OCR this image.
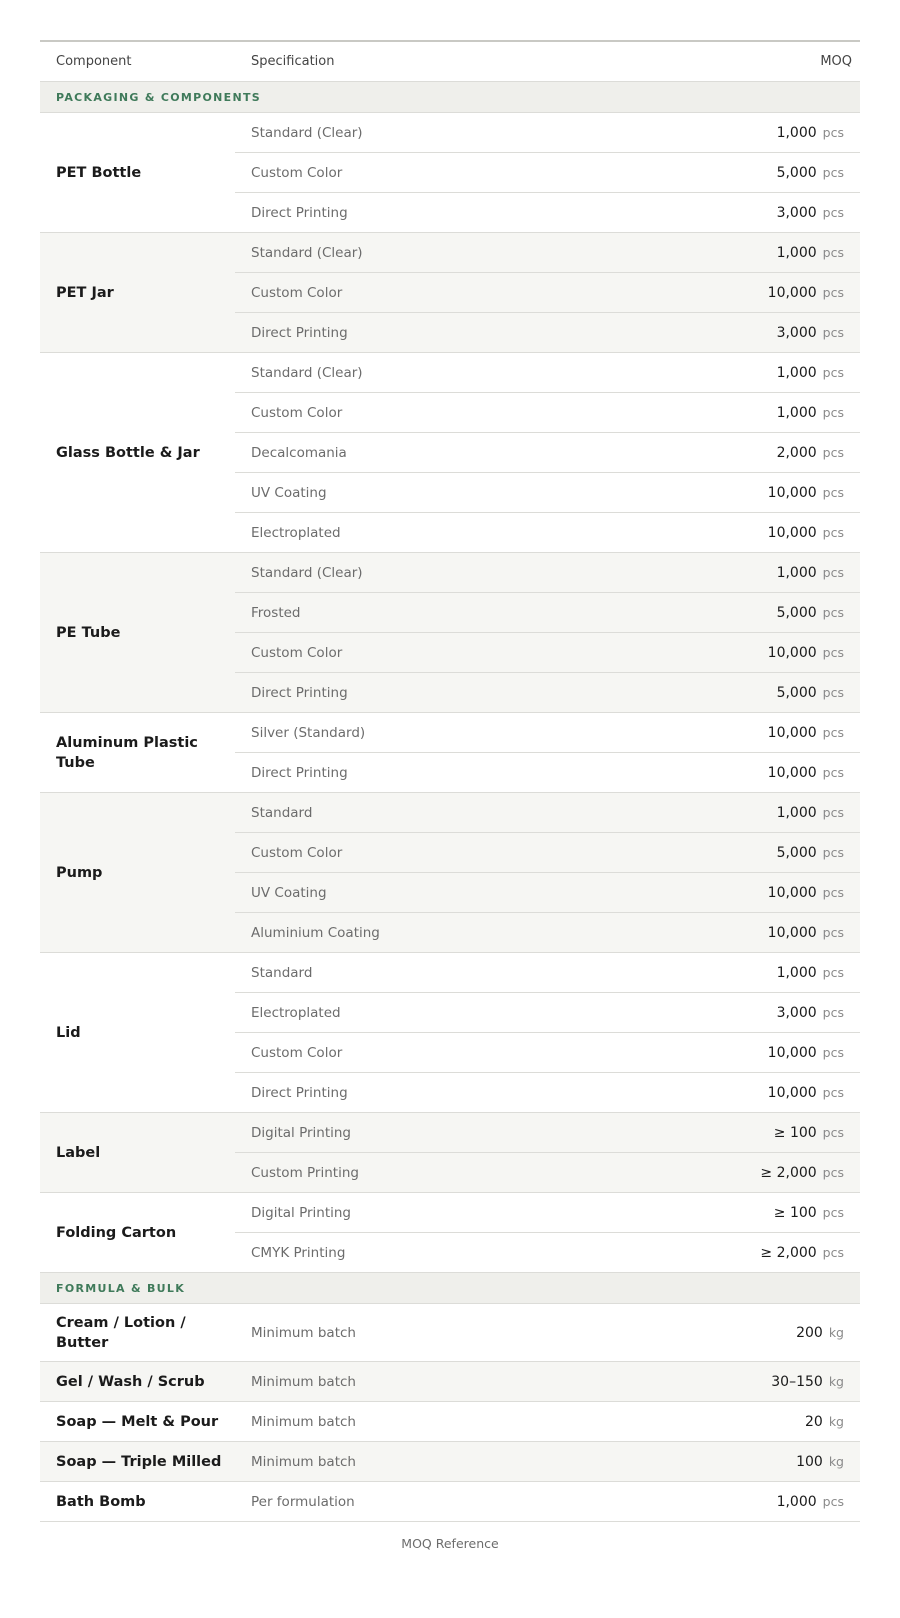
Component	Specification	MOQ
PACKAGING & COMPONENTS		
PET Bottle	Standard (Clear)	1,000 pcs
	Custom Color	5,000 pcs
	Direct Printing	3,000 pcs
PET Jar	Standard (Clear)	1,000 pcs
	Custom Color	10,000 pcs
	Direct Printing	3,000 pcs
Glass Bottle & Jar	Standard (Clear)	1,000 pcs
	Custom Color	1,000 pcs
	Decalcomania	2,000 pcs
	UV Coating	10,000 pcs
	Electroplated	10,000 pcs
PE Tube	Standard (Clear)	1,000 pcs
	Frosted	5,000 pcs
	Custom Color	10,000 pcs
	Direct Printing	5,000 pcs
Aluminum Plastic Tube	Silver (Standard)	10,000 pcs
	Direct Printing	10,000 pcs
Pump	Standard	1,000 pcs
	Custom Color	5,000 pcs
	UV Coating	10,000 pcs
	Aluminium Coating	10,000 pcs
Lid	Standard	1,000 pcs
	Electroplated	3,000 pcs
	Custom Color	10,000 pcs
	Direct Printing	10,000 pcs
Label	Digital Printing	≥ 100 pcs
	Custom Printing	≥ 2,000 pcs
Folding Carton	Digital Printing	≥ 100 pcs
	CMYK Printing	≥ 2,000 pcs
FORMULA & BULK		
Cream / Lotion / Butter	Minimum batch	200 kg
Gel / Wash / Scrub	Minimum batch	30–150 kg
Soap — Melt & Pour	Minimum batch	20 kg
Soap — Triple Milled	Minimum batch	100 kg
Bath Bomb	Per formulation	1,000 pcs
MOQ Reference
